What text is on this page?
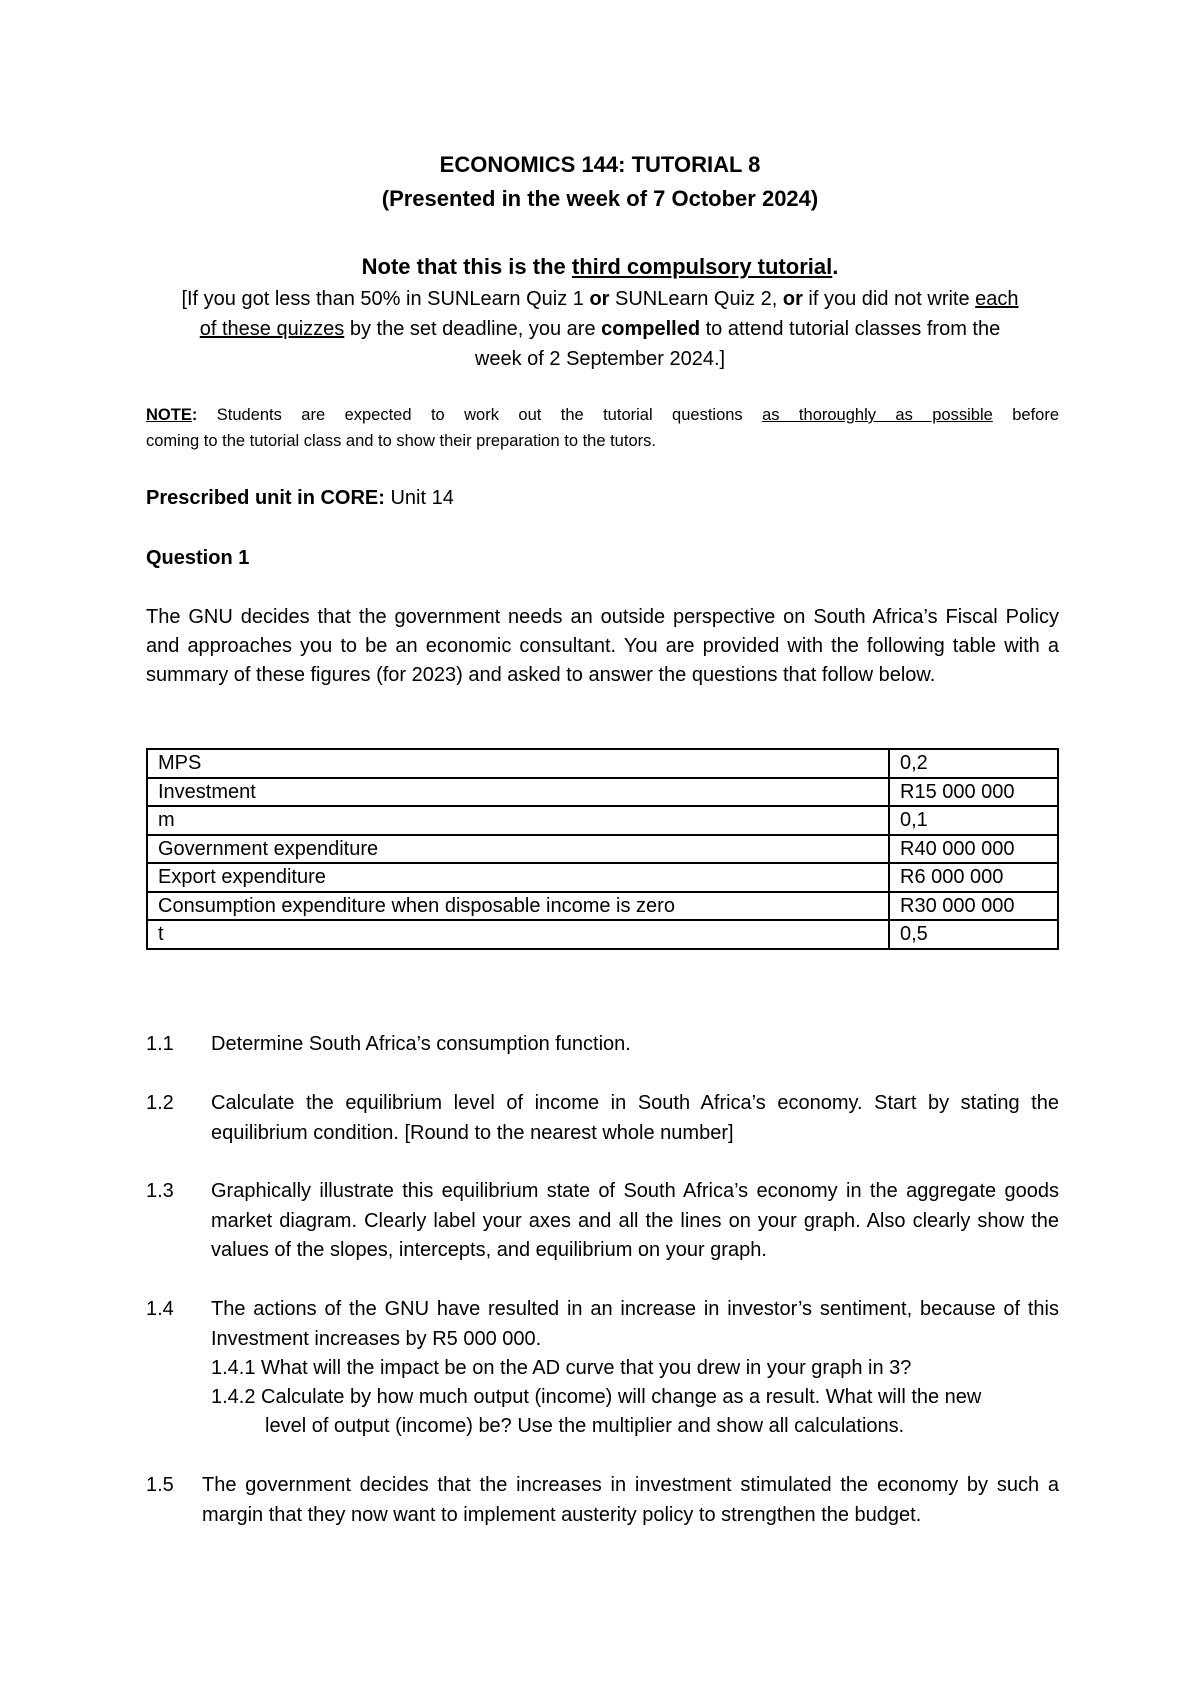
ECONOMICS 144: TUTORIAL 8
(Presented in the week of 7 October 2024)
Note that this is the third compulsory tutorial.
[If you got less than 50% in SUNLearn Quiz 1 or SUNLearn Quiz 2, or if you did not write each
of these quizzes by the set deadline, you are compelled to attend tutorial classes from the
week of 2 September 2024.]
NOTE: Students are expected to work out the tutorial questions as thoroughly as possible before
coming to the tutorial class and to show their preparation to the tutors.
Prescribed unit in CORE: Unit 14
Question 1
The GNU decides that the government needs an outside perspective on South Africa’s Fiscal Policy and approaches you to be an economic consultant. You are provided with the following table with a summary of these figures (for 2023) and asked to answer the questions that follow below.
MPS	0,2
Investment	R15 000 000
m	0,1
Government expenditure	R40 000 000
Export expenditure	R6 000 000
Consumption expenditure when disposable income is zero	R30 000 000
t	0,5
1.1	Determine South Africa’s consumption function.
1.2	Calculate the equilibrium level of income in South Africa’s economy. Start by stating the equilibrium condition. [Round to the nearest whole number]
1.3	Graphically illustrate this equilibrium state of South Africa’s economy in the aggregate goods market diagram. Clearly label your axes and all the lines on your graph. Also clearly show the values of the slopes, intercepts, and equilibrium on your graph.
1.4	The actions of the GNU have resulted in an increase in investor’s sentiment, because of this Investment increases by R5 000 000.
1.4.1 What will the impact be on the AD curve that you drew in your graph in 3?
1.4.2 Calculate by how much output (income) will change as a result. What will the new
level of output (income) be? Use the multiplier and show all calculations.
1.5	The government decides that the increases in investment stimulated the economy by such a margin that they now want to implement austerity policy to strengthen the budget.
